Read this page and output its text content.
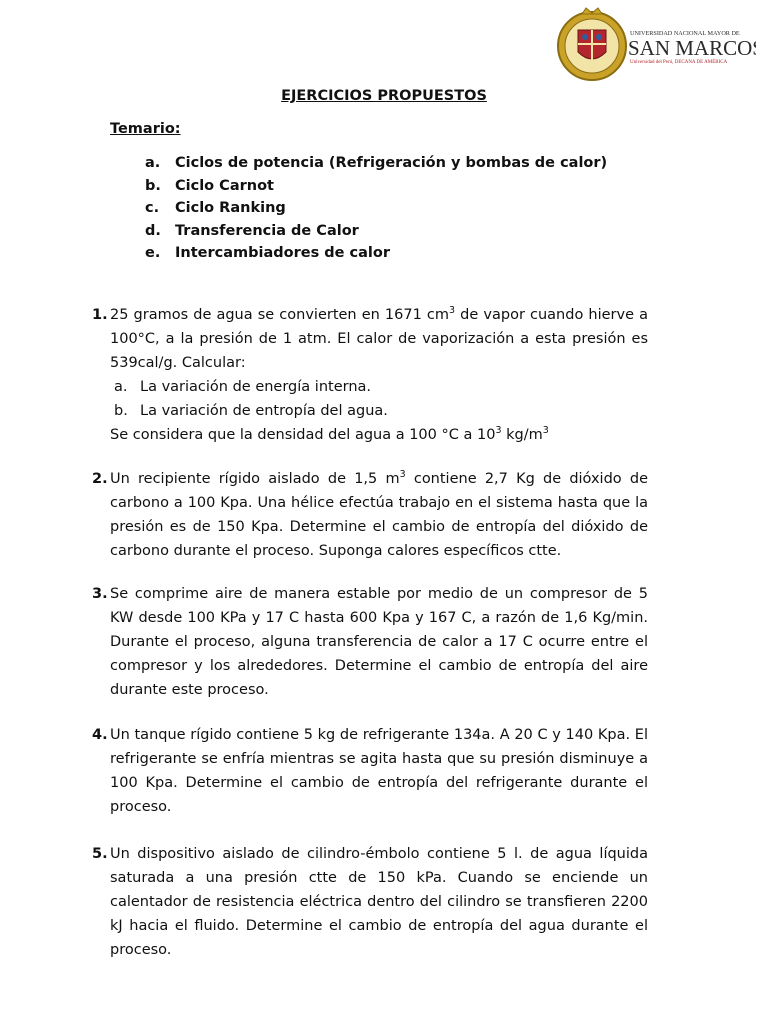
UNIVERSIDAD NACIONAL MAYOR DE
SAN MARCOS
Universidad del Perú, DECANA DE AMÉRICA
EJERCICIOS PROPUESTOS
Temario:
a. Ciclos de potencia (Refrigeración y bombas de calor)
b. Ciclo Carnot
c. Ciclo Ranking
d. Transferencia de Calor
e. Intercambiadores de calor
1. 25 gramos de agua se convierten en 1671 $cm^3$ de vapor cuando hierve a 100°C, a la presión de 1 atm. El calor de vaporización a esta presión es 539cal/g. Calcular:
a. La variación de energía interna.
b. La variación de entropía del agua.
Se considera que la densidad del agua a 100 °C a $10^3$ $kg/m^3$
2. Un recipiente rígido aislado de 1,5 $m^3$ contiene 2,7 Kg de dióxido de carbono a 100 Kpa. Una hélice efectúa trabajo en el sistema hasta que la presión es de 150 Kpa. Determine el cambio de entropía del dióxido de carbono durante el proceso. Suponga calores específicos ctte.
3. Se comprime aire de manera estable por medio de un compresor de 5 KW desde 100 KPa y 17 C hasta 600 Kpa y 167 C, a razón de 1,6 Kg/min. Durante el proceso, alguna transferencia de calor a 17 C ocurre entre el compresor y los alrededores. Determine el cambio de entropía del aire durante este proceso.
4. Un tanque rígido contiene 5 kg de refrigerante 134a. A 20 C y 140 Kpa. El refrigerante se enfría mientras se agita hasta que su presión disminuye a 100 Kpa. Determine el cambio de entropía del refrigerante durante el proceso.
5. Un dispositivo aislado de cilindro-émbolo contiene 5 l. de agua líquida saturada a una presión ctte de 150 kPa. Cuando se enciende un calentador de resistencia eléctrica dentro del cilindro se transfieren 2200 kJ hacia el fluido. Determine el cambio de entropía del agua durante el proceso.
